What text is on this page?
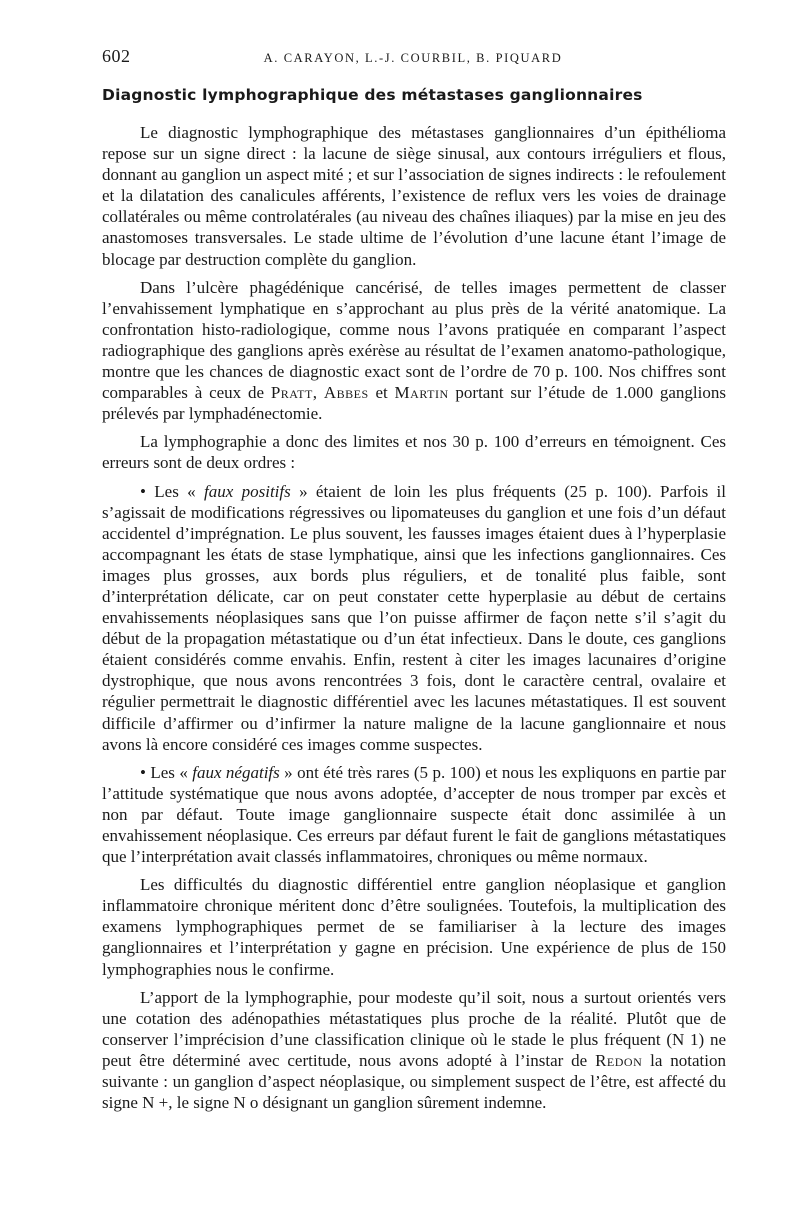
602	A. CARAYON, L.-J. COURBIL, B. PIQUARD
Diagnostic lymphographique des métastases ganglionnaires

Le diagnostic lymphographique des métastases ganglionnaires d’un épithélioma repose sur un signe direct : la lacune de siège sinusal, aux contours irréguliers et flous, donnant au ganglion un aspect mité ; et sur l’association de signes indirects : le refoulement et la dilatation des canalicules afférents, l’existence de reflux vers les voies de drainage collatérales ou même controlatérales (au niveau des chaînes iliaques) par la mise en jeu des anastomoses transversales. Le stade ultime de l’évolution d’une lacune étant l’image de blocage par destruction complète du ganglion.

Dans l’ulcère phagédénique cancérisé, de telles images permettent de classer l’envahissement lymphatique en s’approchant au plus près de la vérité anatomique. La confrontation histo-radiologique, comme nous l’avons pratiquée en comparant l’aspect radiographique des ganglions après exérèse au résultat de l’examen anatomo-pathologique, montre que les chances de diagnostic exact sont de l’ordre de 70 p. 100. Nos chiffres sont comparables à ceux de Pratt, Abbes et Martin portant sur l’étude de 1.000 ganglions prélevés par lymphadénectomie.

La lymphographie a donc des limites et nos 30 p. 100 d’erreurs en témoignent. Ces erreurs sont de deux ordres :

• Les « faux positifs » étaient de loin les plus fréquents (25 p. 100). Parfois il s’agissait de modifications régressives ou lipomateuses du ganglion et une fois d’un défaut accidentel d’imprégnation. Le plus souvent, les fausses images étaient dues à l’hyperplasie accompagnant les états de stase lymphatique, ainsi que les infections ganglionnaires. Ces images plus grosses, aux bords plus réguliers, et de tonalité plus faible, sont d’interprétation délicate, car on peut constater cette hyperplasie au début de certains envahissements néoplasiques sans que l’on puisse affirmer de façon nette s’il s’agit du début de la propagation métastatique ou d’un état infectieux. Dans le doute, ces ganglions étaient considérés comme envahis. Enfin, restent à citer les images lacunaires d’origine dystrophique, que nous avons rencontrées 3 fois, dont le caractère central, ovalaire et régulier permettrait le diagnostic différentiel avec les lacunes métastatiques. Il est souvent difficile d’affirmer ou d’infirmer la nature maligne de la lacune ganglionnaire et nous avons là encore considéré ces images comme suspectes.

• Les « faux négatifs » ont été très rares (5 p. 100) et nous les expliquons en partie par l’attitude systématique que nous avons adoptée, d’accepter de nous tromper par excès et non par défaut. Toute image ganglionnaire suspecte était donc assimilée à un envahissement néoplasique. Ces erreurs par défaut furent le fait de ganglions métastatiques que l’interprétation avait classés inflammatoires, chroniques ou même normaux.

Les difficultés du diagnostic différentiel entre ganglion néoplasique et ganglion inflammatoire chronique méritent donc d’être soulignées. Toutefois, la multiplication des examens lymphographiques permet de se familiariser à la lecture des images ganglionnaires et l’interprétation y gagne en précision. Une expérience de plus de 150 lymphographies nous le confirme.

L’apport de la lymphographie, pour modeste qu’il soit, nous a surtout orientés vers une cotation des adénopathies métastatiques plus proche de la réalité. Plutôt que de conserver l’imprécision d’une classification clinique où le stade le plus fréquent (N 1) ne peut être déterminé avec certitude, nous avons adopté à l’instar de Redon la notation suivante : un ganglion d’aspect néoplasique, ou simplement suspect de l’être, est affecté du signe N +, le signe N o désignant un ganglion sûrement indemne.
